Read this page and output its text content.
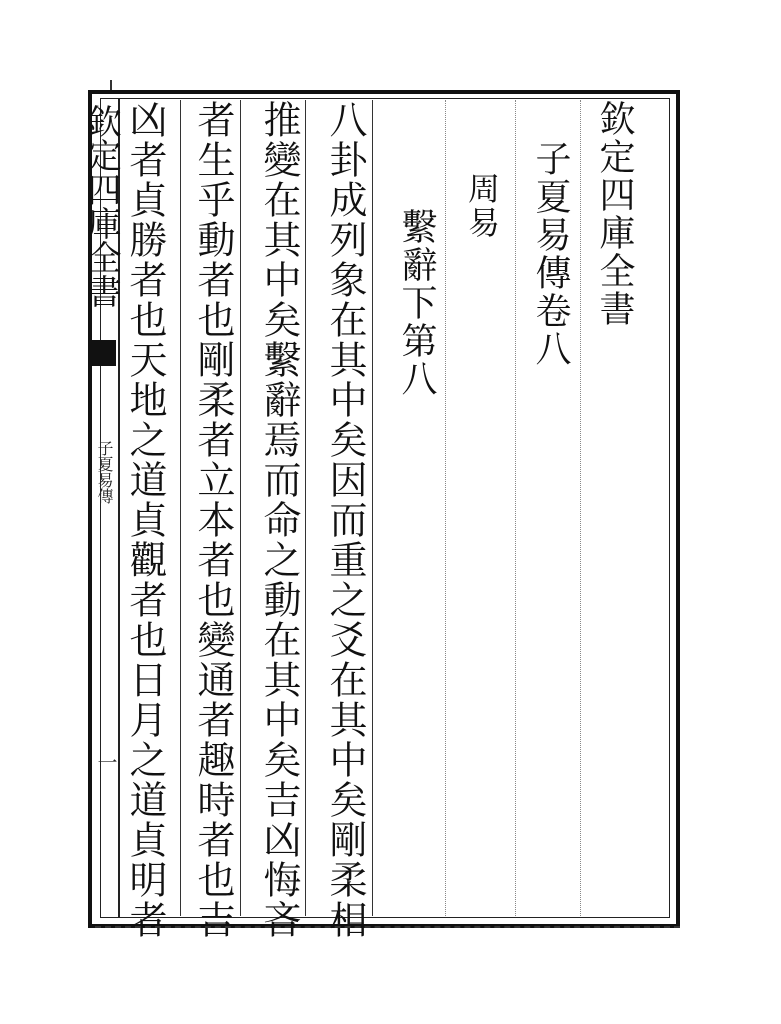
欽定四庫全書
子夏易傳
一
欽定四庫全書
子夏易傳卷八
周易
繫辭下第八
八卦成列象在其中矣因而重之爻在其中矣剛柔相
推變在其中矣繫辭焉而命之動在其中矣吉凶悔吝
者生乎動者也剛柔者立本者也變通者趣時者也吉
凶者貞勝者也天地之道貞觀者也日月之道貞明者
